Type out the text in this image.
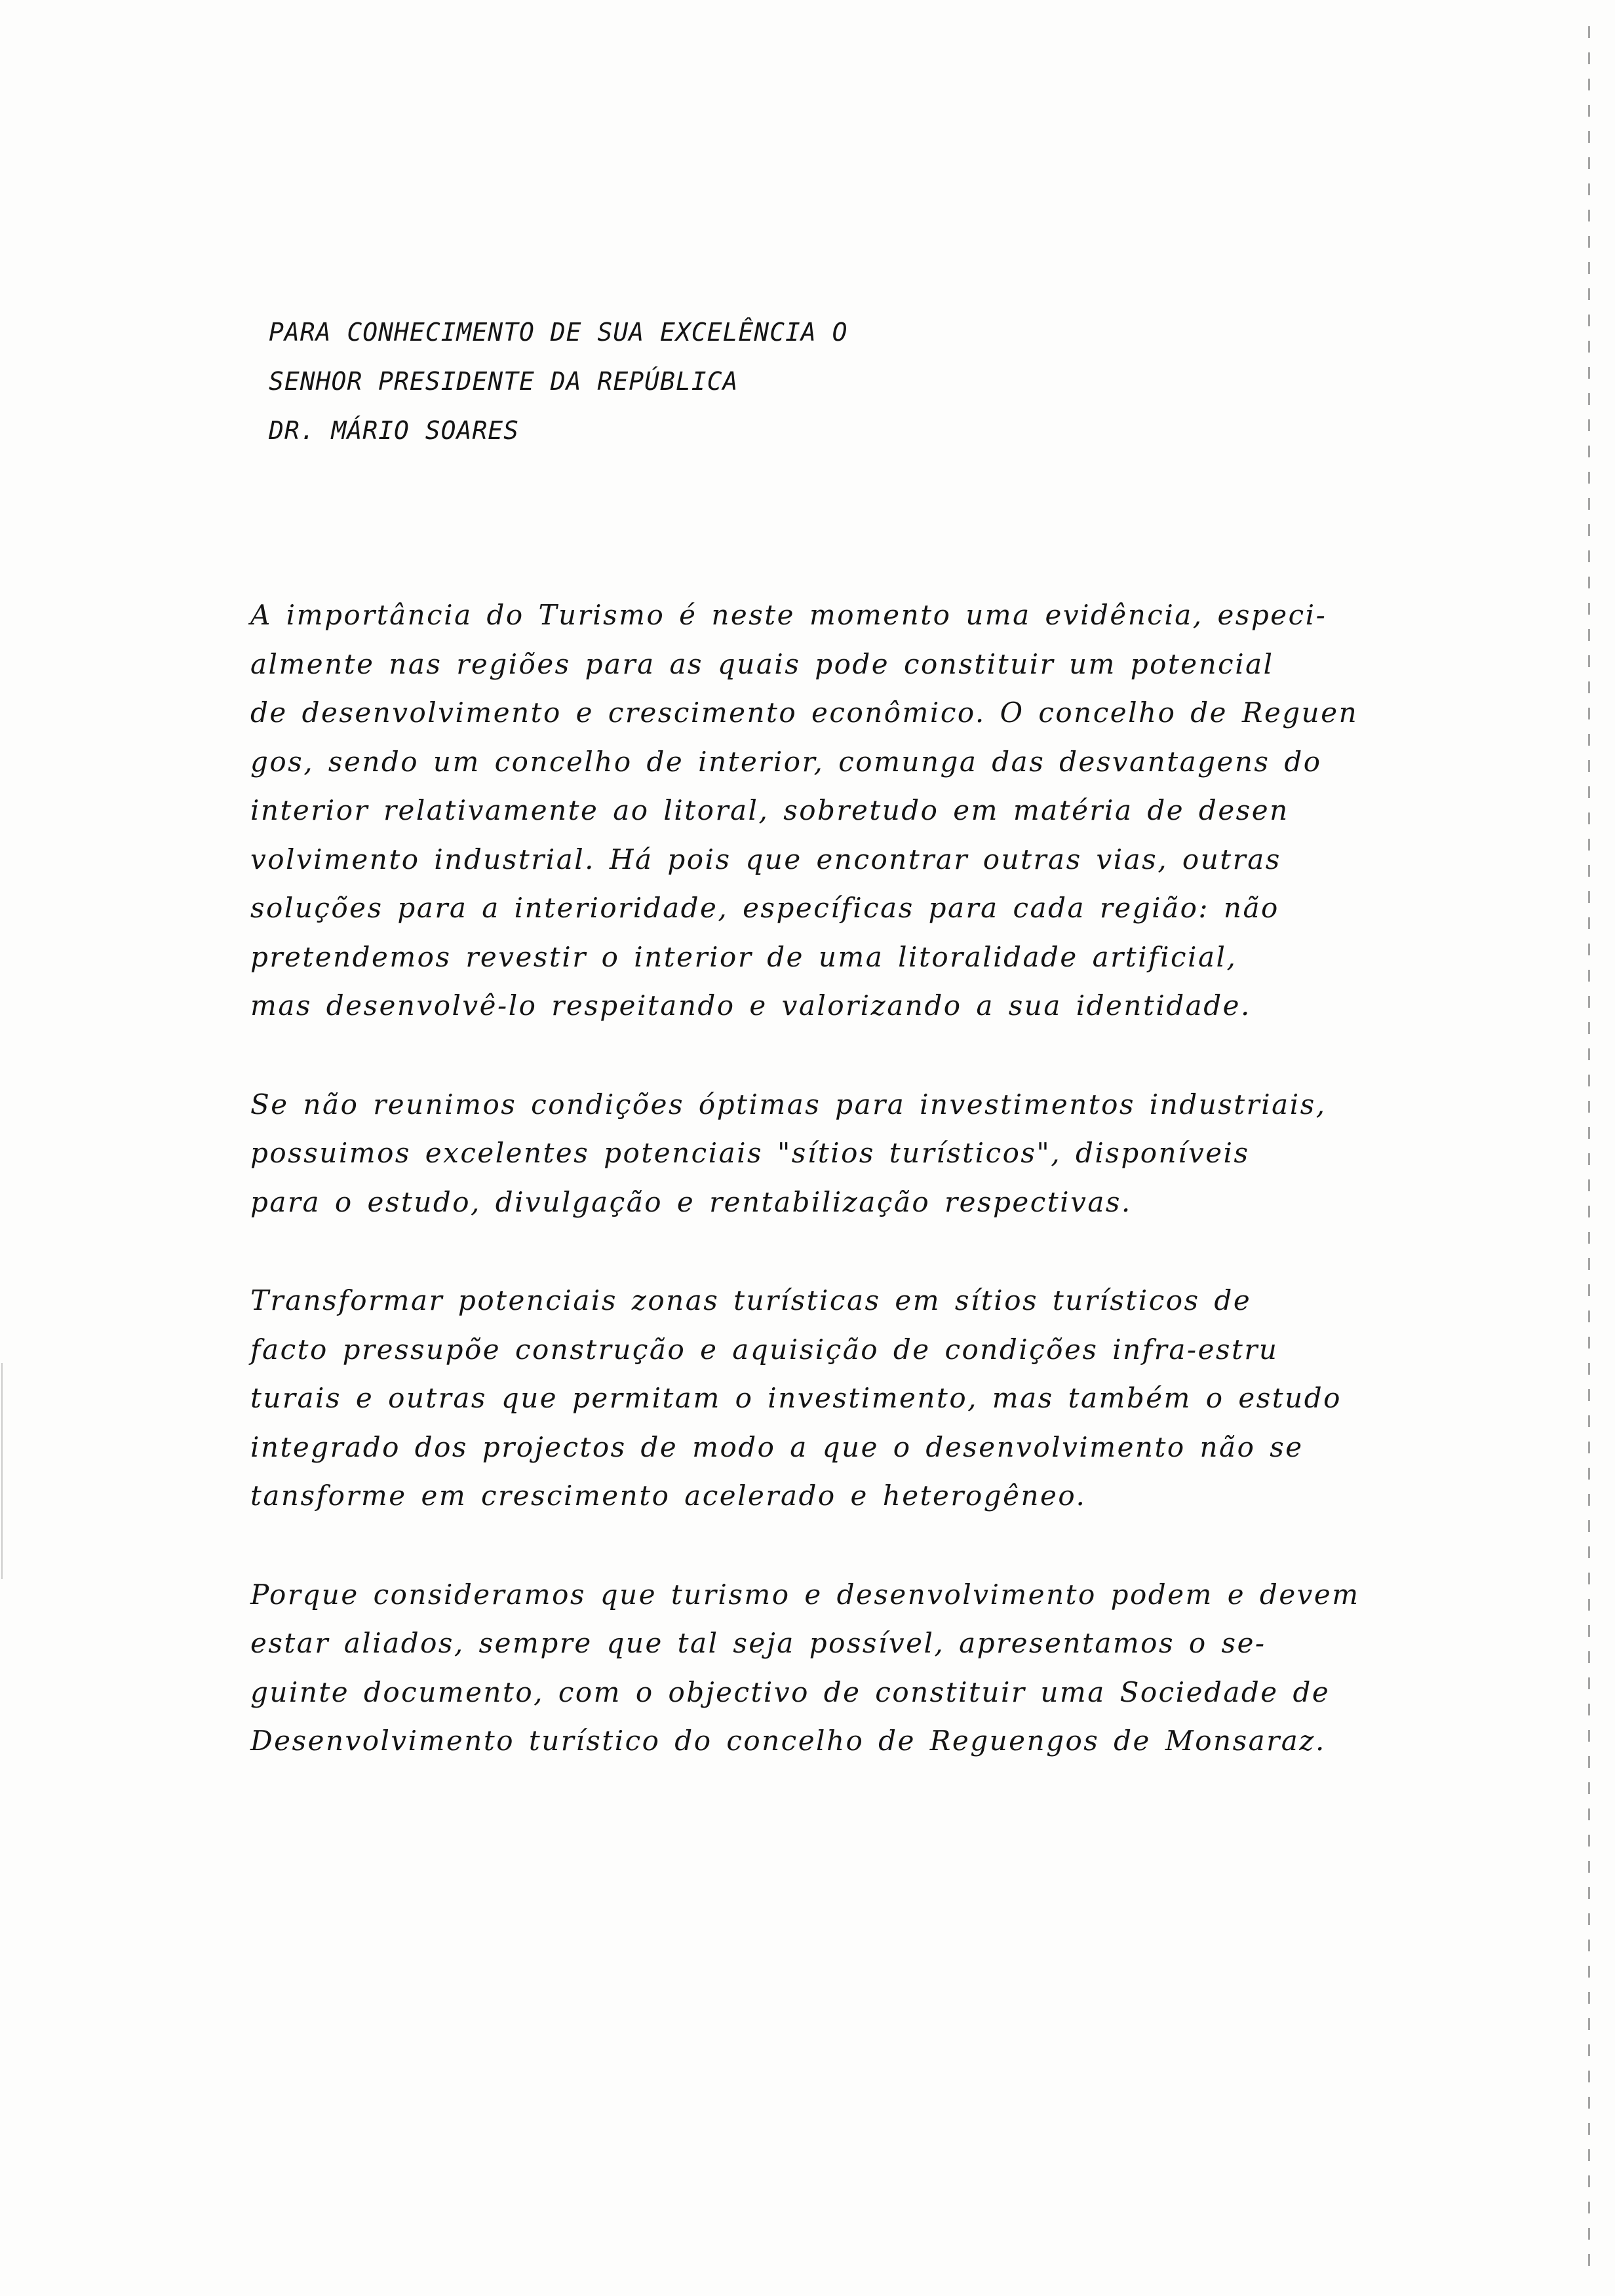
PARA CONHECIMENTO DE SUA EXCELÊNCIA O
SENHOR PRESIDENTE DA REPÚBLICA
DR. MÁRIO SOARES
A importância do Turismo é neste momento uma evidência, especi-
almente nas regiões para as quais pode constituir um potencial
de desenvolvimento e crescimento econômico. O concelho de Reguen
gos, sendo um concelho de interior, comunga das desvantagens do
interior relativamente ao litoral, sobretudo em matéria de desen
volvimento industrial. Há pois que encontrar outras vias, outras
soluções para a interioridade, específicas para cada região: não
pretendemos revestir o interior de uma litoralidade artificial,
mas desenvolvê-lo respeitando e valorizando a sua identidade.
Se não reunimos condições óptimas para investimentos industriais,
possuimos excelentes potenciais "sítios turísticos", disponíveis
para o estudo, divulgação e rentabilização respectivas.
Transformar potenciais zonas turísticas em sítios turísticos de
facto pressupõe construção e aquisição de condições infra-estru
turais e outras que permitam o investimento, mas também o estudo
integrado dos projectos de modo a que o desenvolvimento não se
tansforme em crescimento acelerado e heterogêneo.
Porque consideramos que turismo e desenvolvimento podem e devem
estar aliados, sempre que tal seja possível, apresentamos o se-
guinte documento, com o objectivo de constituir uma Sociedade de
Desenvolvimento turístico do concelho de Reguengos de Monsaraz.
